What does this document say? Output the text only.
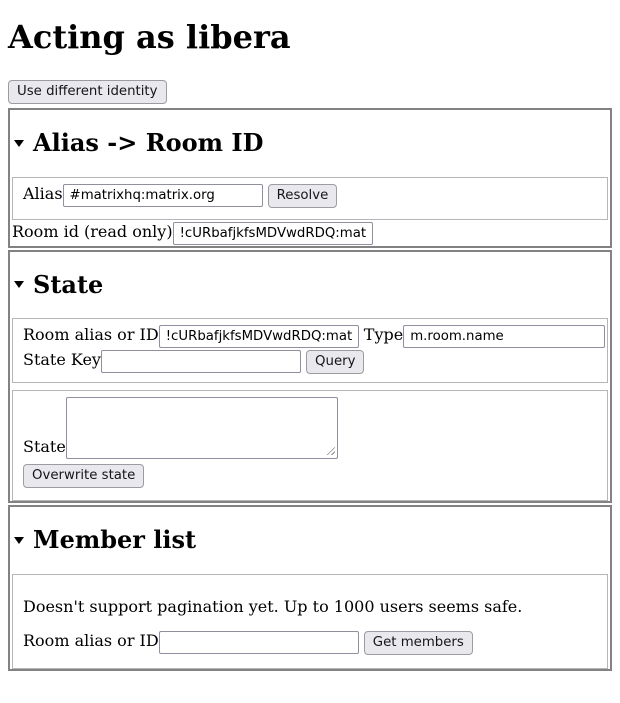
Acting as libera
Use different identity
Alias -> Room ID
Alias#matrixhq:matrix.org	Resolve
Room id (read only)!cURbafjkfsMDVwdRDQ:matrix.
State
Room alias or ID!cURbafjkfsMDVwdRDQ:matrix.	Typem.room.name
State Key	Query
State
Overwrite state
Member list

Doesn't support pagination yet. Up to 1000 users seems safe.

Room alias or ID	Get members
